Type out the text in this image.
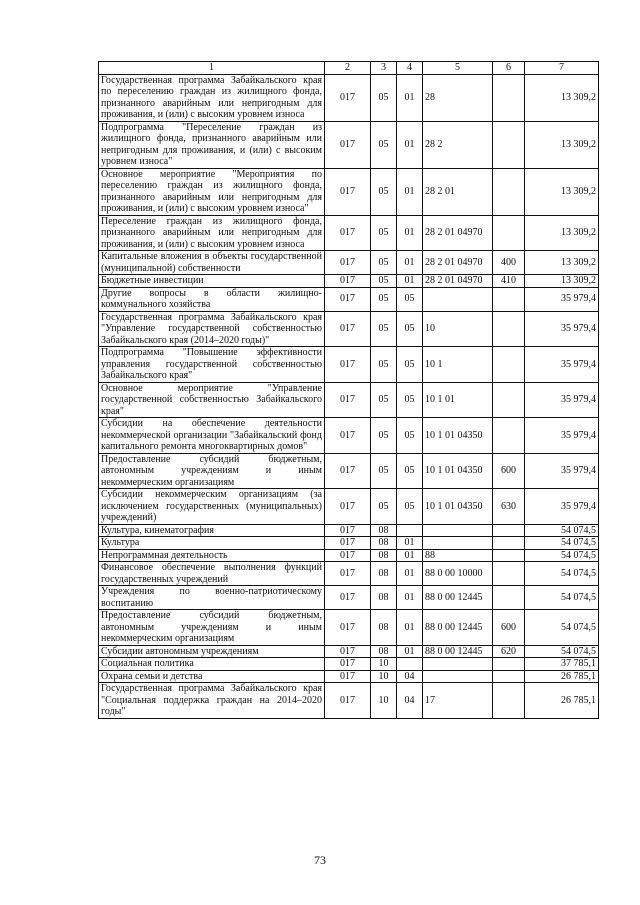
1	2	3	4	5	6	7
Государственная программа Забайкальского края по переселению граждан из жилищного фонда, признанного аварийным или непригодным для проживания, и (или) с высоким уровнем износа	017	05	01	28		13 309,2
Подпрограмма "Переселение граждан из жилищного фонда, признанного аварийным или непригодным для проживания, и (или) с высоким уровнем износа"	017	05	01	28 2		13 309,2
Основное мероприятие "Мероприятия по переселению граждан из жилищного фонда, признанного аварийным или непригодным для проживания, и (или) с высоким уровнем износа"	017	05	01	28 2 01		13 309,2
Переселение граждан из жилищного фонда, признанного аварийным или непригодным для проживания, и (или) с высоким уровнем износа	017	05	01	28 2 01 04970		13 309,2
Капитальные вложения в объекты государственной (муниципальной) собственности	017	05	01	28 2 01 04970	400	13 309,2
Бюджетные инвестиции	017	05	01	28 2 01 04970	410	13 309,2
Другие вопросы в области жилищно-коммунального хозяйства	017	05	05			35 979,4
Государственная программа Забайкальского края "Управление государственной собственностью Забайкальского края (2014–2020 годы)"	017	05	05	10		35 979,4
Подпрограмма "Повышение эффективности управления государственной собственностью Забайкальского края"	017	05	05	10 1		35 979,4
Основное мероприятие "Управление государственной собственностью Забайкальского края"	017	05	05	10 1 01		35 979,4
Субсидии на обеспечение деятельности некоммерческой организации "Забайкальский фонд капитального ремонта многоквартирных домов"	017	05	05	10 1 01 04350		35 979,4
Предоставление субсидий бюджетным, автономным учреждениям и иным некоммерческим организациям	017	05	05	10 1 01 04350	600	35 979,4
Субсидии некоммерческим организациям (за исключением государственных (муниципальных) учреждений)	017	05	05	10 1 01 04350	630	35 979,4
Культура, кинематография	017	08				54 074,5
Культура	017	08	01			54 074,5
Непрограммная деятельность	017	08	01	88		54 074,5
Финансовое обеспечение выполнения функций государственных учреждений	017	08	01	88 0 00 10000		54 074,5
Учреждения по военно-патриотическому воспитанию	017	08	01	88 0 00 12445		54 074,5
Предоставление субсидий бюджетным, автономным учреждениям и иным некоммерческим организациям	017	08	01	88 0 00 12445	600	54 074,5
Субсидии автономным учреждениям	017	08	01	88 0 00 12445	620	54 074,5
Социальная политика	017	10				37 785,1
Охрана семьи и детства	017	10	04			26 785,1
Государственная программа Забайкальского края "Социальная поддержка граждан на 2014–2020 годы"	017	10	04	17		26 785,1
73
